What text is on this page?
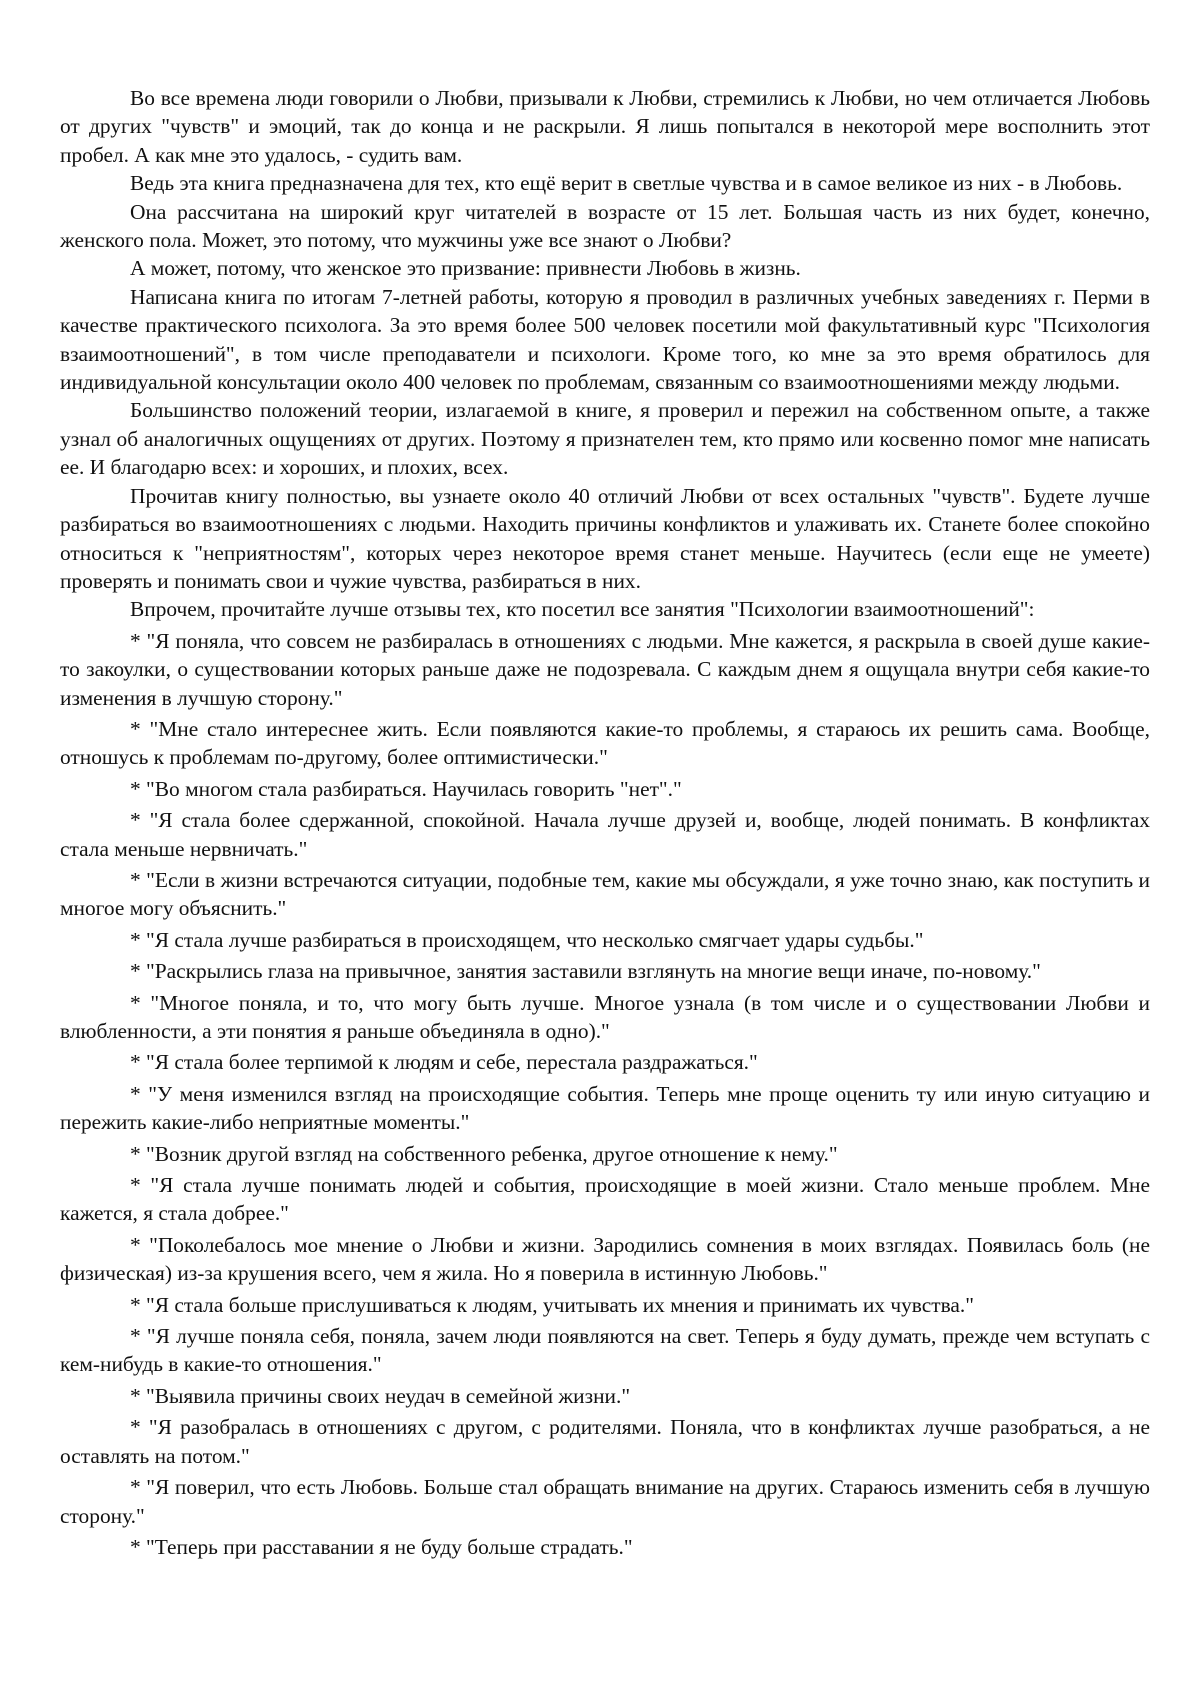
Во все времена люди говорили о Любви, призывали к Любви, стремились к Любви, но чем отличается Любовь от других "чувств" и эмоций, так до конца и не раскрыли. Я лишь попытался в некоторой мере восполнить этот пробел. А как мне это удалось, - судить вам.

Ведь эта книга предназначена для тех, кто ещё верит в светлые чувства и в самое великое из них - в Любовь.

Она рассчитана на широкий круг читателей в возрасте от 15 лет. Большая часть из них будет, конечно, женского пола. Может, это потому, что мужчины уже все знают о Любви?

А может, потому, что женское это призвание: привнести Любовь в жизнь.

Написана книга по итогам 7-летней работы, которую я проводил в различных учебных заведениях г. Перми в качестве практического психолога. За это время более 500 человек посетили мой факультативный курс "Психология взаимоотношений", в том числе преподаватели и психологи. Кроме того, ко мне за это время обратилось для индивидуальной консультации около 400 человек по проблемам, связанным со взаимоотношениями между людьми.

Большинство положений теории, излагаемой в книге, я проверил и пережил на собственном опыте, а также узнал об аналогичных ощущениях от других. Поэтому я признателен тем, кто прямо или косвенно помог мне написать ее. И благодарю всех: и хороших, и плохих, всех.

Прочитав книгу полностью, вы узнаете около 40 отличий Любви от всех остальных "чувств". Будете лучше разбираться во взаимоотношениях с людьми. Находить причины конфликтов и улаживать их. Станете более спокойно относиться к "неприятностям", которых через некоторое время станет меньше. Научитесь (если еще не умеете) проверять и понимать свои и чужие чувства, разбираться в них.

Впрочем, прочитайте лучше отзывы тех, кто посетил все занятия "Психологии взаимоотношений":

* "Я поняла, что совсем не разбиралась в отношениях с людьми. Мне кажется, я раскрыла в своей душе какие-то закоулки, о существовании которых раньше даже не подозревала. С каждым днем я ощущала внутри себя какие-то изменения в лучшую сторону."

* "Мне стало интереснее жить. Если появляются какие-то проблемы, я стараюсь их решить сама. Вообще, отношусь к проблемам по-другому, более оптимистически."

* "Во многом стала разбираться. Научилась говорить "нет"."

* "Я стала более сдержанной, спокойной. Начала лучше друзей и, вообще, людей понимать. В конфликтах стала меньше нервничать."

* "Если в жизни встречаются ситуации, подобные тем, какие мы обсуждали, я уже точно знаю, как поступить и многое могу объяснить."

* "Я стала лучше разбираться в происходящем, что несколько смягчает удары судьбы."

* "Раскрылись глаза на привычное, занятия заставили взглянуть на многие вещи иначе, по-новому."

* "Многое поняла, и то, что могу быть лучше. Многое узнала (в том числе и о существовании Любви и влюбленности, а эти понятия я раньше объединяла в одно)."

* "Я стала более терпимой к людям и себе, перестала раздражаться."

* "У меня изменился взгляд на происходящие события. Теперь мне проще оценить ту или иную ситуацию и пережить какие-либо неприятные моменты."

* "Возник другой взгляд на собственного ребенка, другое отношение к нему."

* "Я стала лучше понимать людей и события, происходящие в моей жизни. Стало меньше проблем. Мне кажется, я стала добрее."

* "Поколебалось мое мнение о Любви и жизни. Зародились сомнения в моих взглядах. Появилась боль (не физическая) из-за крушения всего, чем я жила. Но я поверила в истинную Любовь."

* "Я стала больше прислушиваться к людям, учитывать их мнения и принимать их чувства."

* "Я лучше поняла себя, поняла, зачем люди появляются на свет. Теперь я буду думать, прежде чем вступать с кем-нибудь в какие-то отношения."

* "Выявила причины своих неудач в семейной жизни."

* "Я разобралась в отношениях с другом, с родителями. Поняла, что в конфликтах лучше разобраться, а не оставлять на потом."

* "Я поверил, что есть Любовь. Больше стал обращать внимание на других. Стараюсь изменить себя в лучшую сторону."

* "Теперь при расставании я не буду больше страдать."
